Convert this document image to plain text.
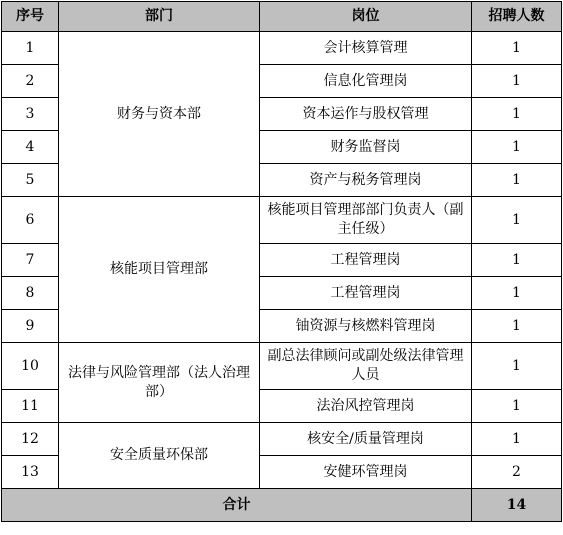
序号	部门	岗位	招聘人数
1	财务与资本部	会计核算管理	1
2		信息化管理岗	1
3		资本运作与股权管理	1
4		财务监督岗	1
5		资产与税务管理岗	1
6	核能项目管理部	核能项目管理部部门负责人（副主任级）	1
7		工程管理岗	1
8		工程管理岗	1
9		铀资源与核燃料管理岗	1
10	法律与风险管理部（法人治理部）	副总法律顾问或副处级法律管理人员	1
11		法治风控管理岗	1
12	安全质量环保部	核安全/质量管理岗	1
13		安健环管理岗	2
合计			14
